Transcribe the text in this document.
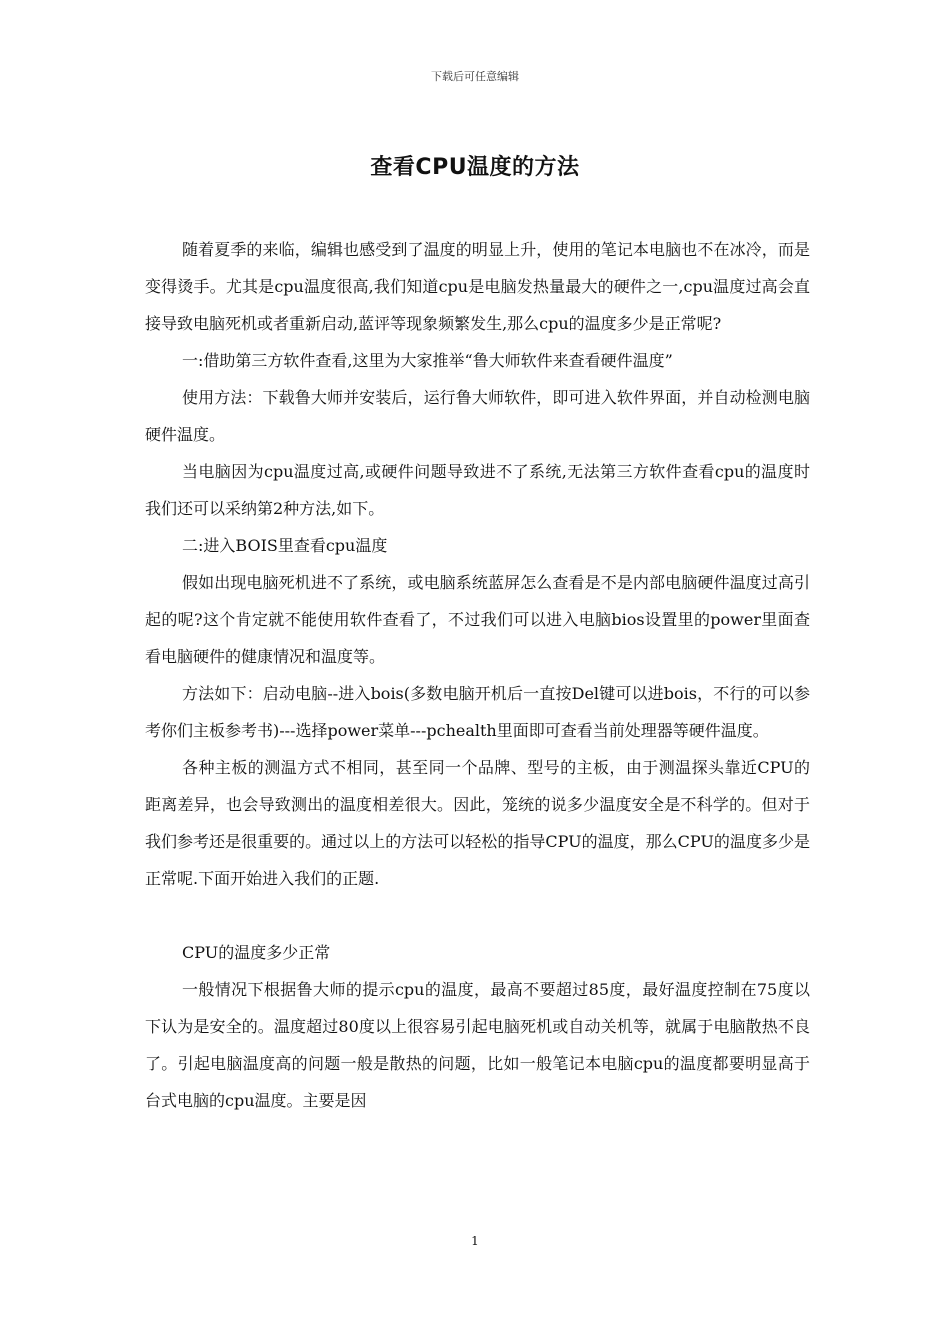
下载后可任意编辑
查看CPU温度的方法

随着夏季的来临，编辑也感受到了温度的明显上升，使用的笔记本电脑也不在冰冷，而是变得烫手。尤其是cpu温度很高,我们知道cpu是电脑发热量最大的硬件之一,cpu温度过高会直接导致电脑死机或者重新启动,蓝评等现象频繁发生,那么cpu的温度多少是正常呢?

一:借助第三方软件查看,这里为大家推举“鲁大师软件来查看硬件温度”

使用方法：下载鲁大师并安装后，运行鲁大师软件，即可进入软件界面，并自动检测电脑硬件温度。

当电脑因为cpu温度过高,或硬件问题导致进不了系统,无法第三方软件查看cpu的温度时我们还可以采纳第2种方法,如下。

二:进入BOIS里查看cpu温度

假如出现电脑死机进不了系统，或电脑系统蓝屏怎么查看是不是内部电脑硬件温度过高引起的呢?这个肯定就不能使用软件查看了，不过我们可以进入电脑bios设置里的power里面查看电脑硬件的健康情况和温度等。

方法如下：启动电脑--进入bois(多数电脑开机后一直按Del键可以进bois，不行的可以参考你们主板参考书)---选择power菜单---pchealth里面即可查看当前处理器等硬件温度。

各种主板的测温方式不相同，甚至同一个品牌、型号的主板，由于测温探头靠近CPU的距离差异，也会导致测出的温度相差很大。因此，笼统的说多少温度安全是不科学的。但对于我们参考还是很重要的。通过以上的方法可以轻松的指导CPU的温度，那么CPU的温度多少是正常呢.下面开始进入我们的正题.

CPU的温度多少正常

一般情况下根据鲁大师的提示cpu的温度，最高不要超过85度，最好温度控制在75度以下认为是安全的。温度超过80度以上很容易引起电脑死机或自动关机等，就属于电脑散热不良了。引起电脑温度高的问题一般是散热的问题，比如一般笔记本电脑cpu的温度都要明显高于台式电脑的cpu温度。主要是因

1
